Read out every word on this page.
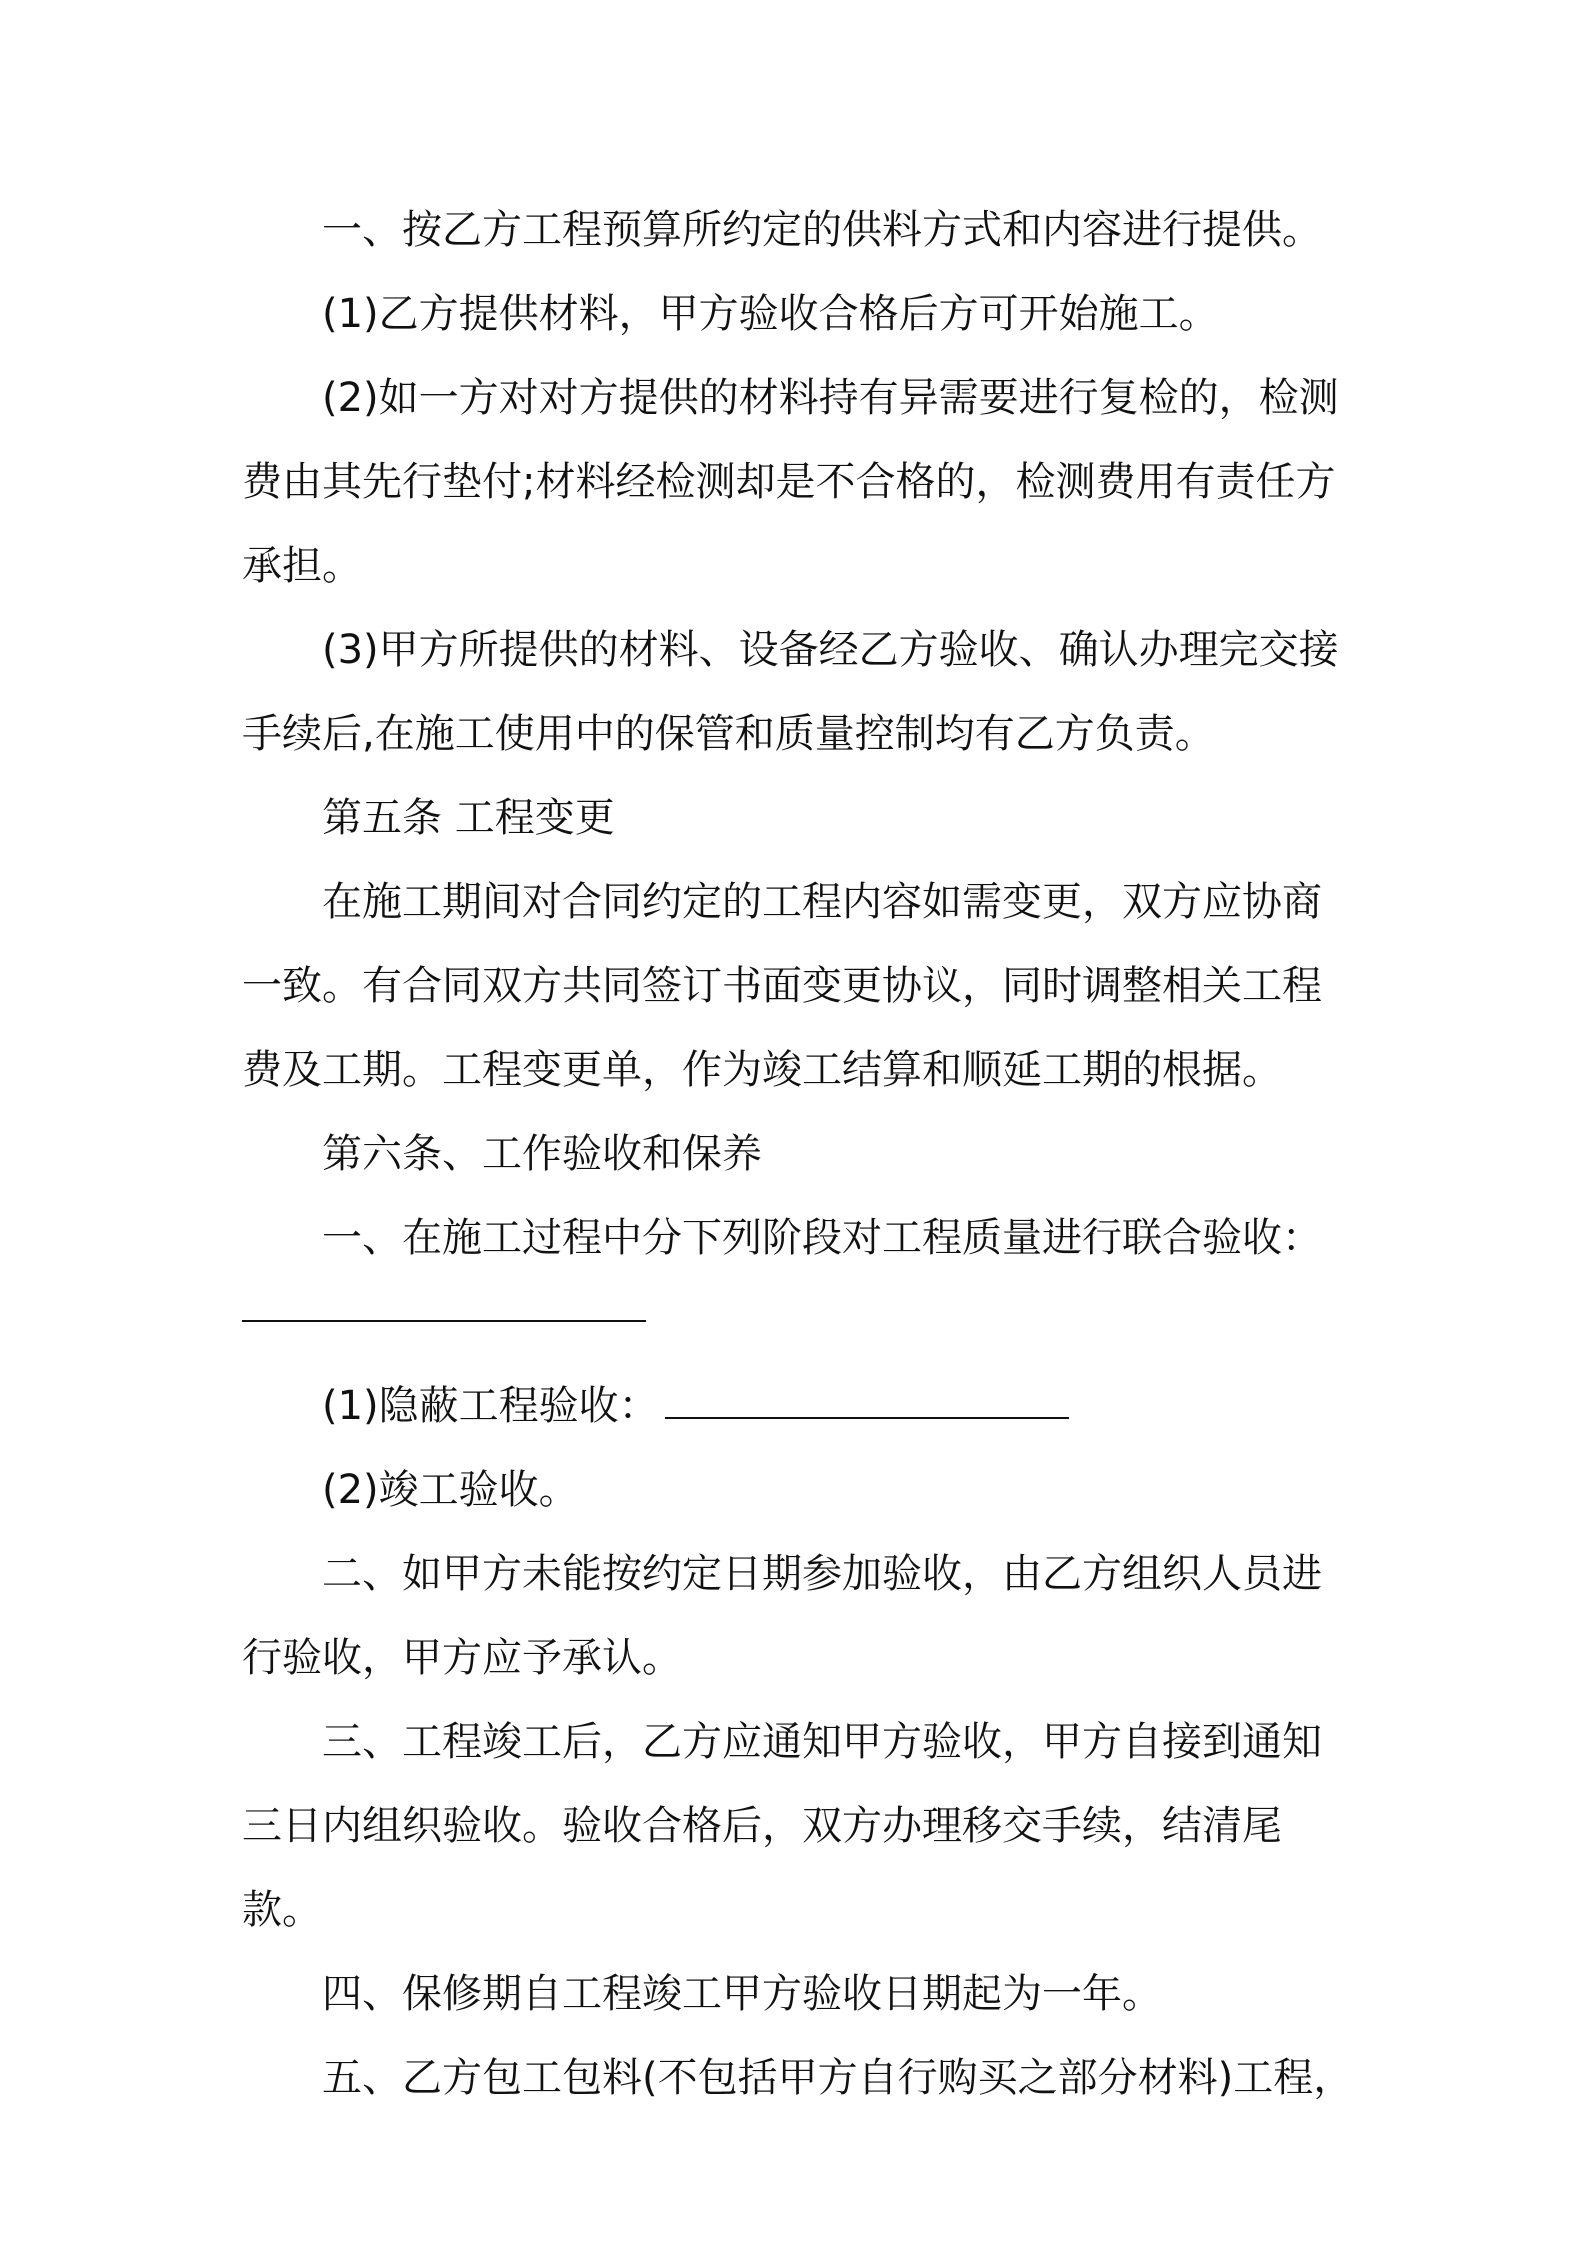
一、按乙方工程预算所约定的供料方式和内容进行提供。

(1)乙方提供材料，甲方验收合格后方可开始施工。

(2)如一方对对方提供的材料持有异需要进行复检的，检测费由其先行垫付;材料经检测却是不合格的，检测费用有责任方承担。

(3)甲方所提供的材料、设备经乙方验收、确认办理完交接手续后,在施工使用中的保管和质量控制均有乙方负责。

第五条 工程变更

在施工期间对合同约定的工程内容如需变更，双方应协商一致。有合同双方共同签订书面变更协议，同时调整相关工程费及工期。工程变更单，作为竣工结算和顺延工期的根据。

第六条、工作验收和保养

一、在施工过程中分下列阶段对工程质量进行联合验收：

(1)隐蔽工程验收：

(2)竣工验收。

二、如甲方未能按约定日期参加验收，由乙方组织人员进行验收，甲方应予承认。

三、工程竣工后，乙方应通知甲方验收，甲方自接到通知三日内组织验收。验收合格后，双方办理移交手续，结清尾款。

四、保修期自工程竣工甲方验收日期起为一年。

五、乙方包工包料(不包括甲方自行购买之部分材料)工程，
